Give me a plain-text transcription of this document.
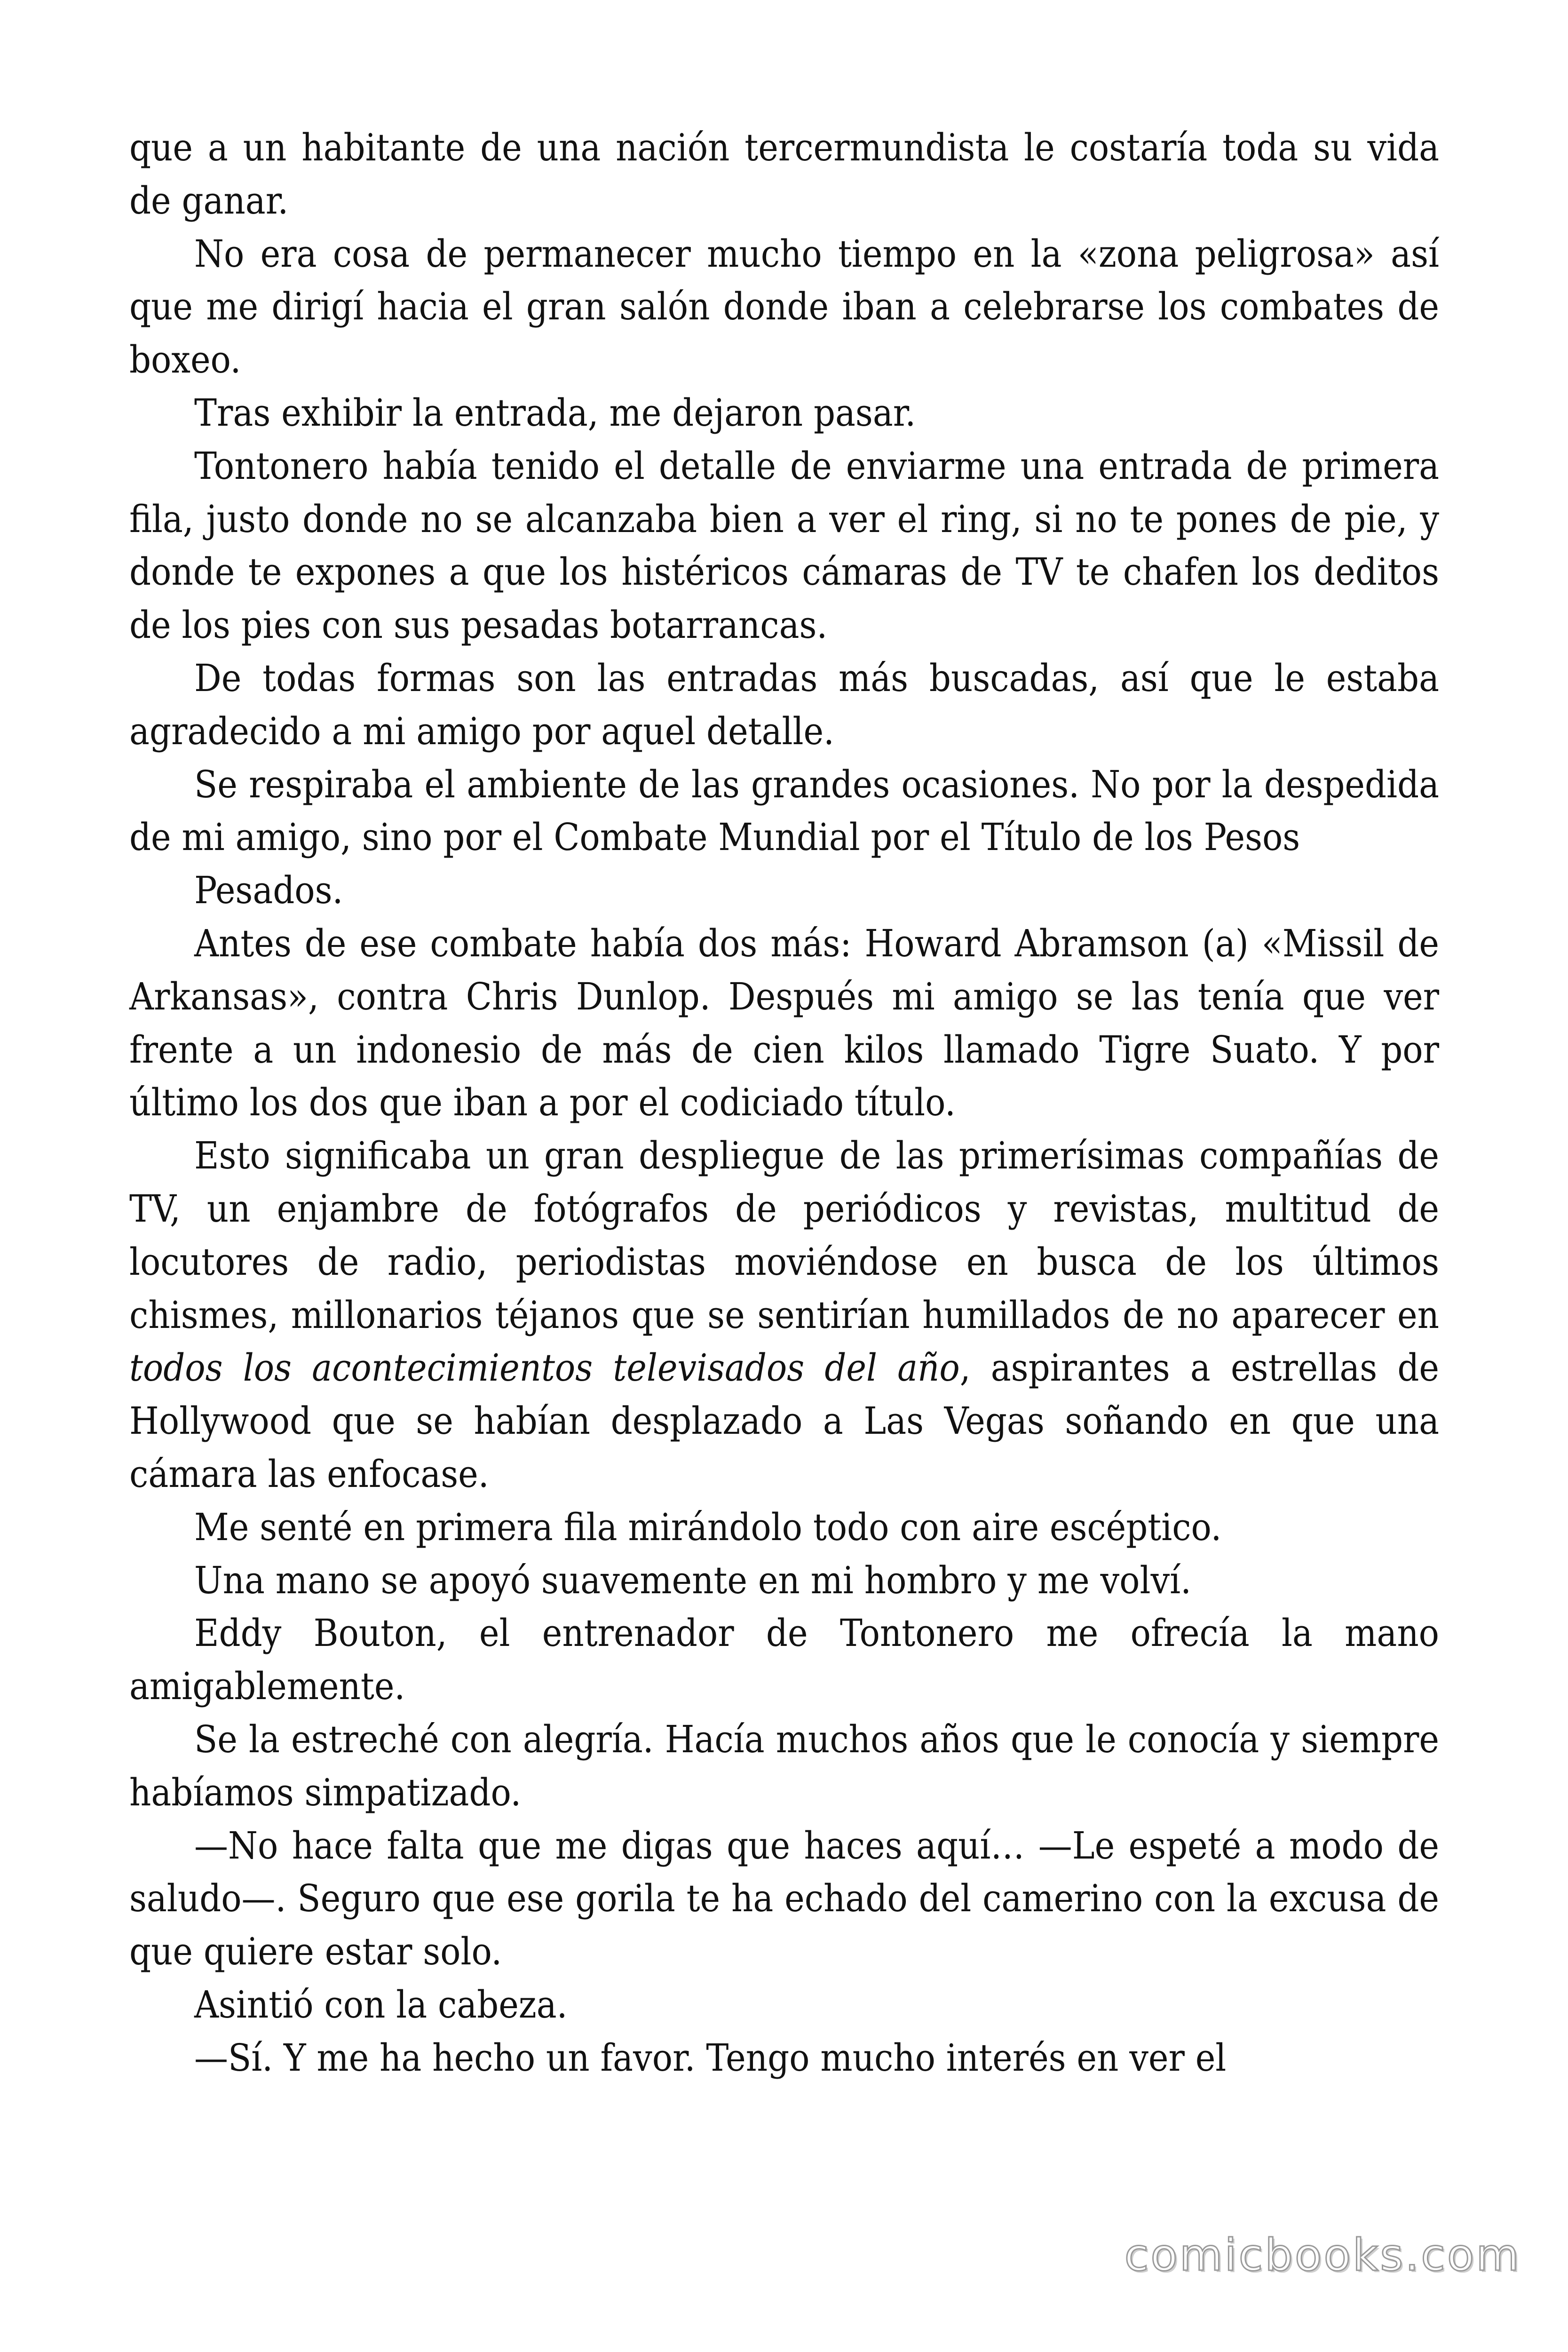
que a un habitante de una nación tercermundista le costaría toda su vida de ganar.

No era cosa de permanecer mucho tiempo en la «zona peligrosa» así que me dirigí hacia el gran salón donde iban a celebrarse los combates de boxeo.

Tras exhibir la entrada, me dejaron pasar.

Tontonero había tenido el detalle de enviarme una entrada de primera fila, justo donde no se alcanzaba bien a ver el ring, si no te pones de pie, y donde te expones a que los histéricos cámaras de TV te chafen los deditos de los pies con sus pesadas botarrancas.

De todas formas son las entradas más buscadas, así que le estaba agradecido a mi amigo por aquel detalle.

Se respiraba el ambiente de las grandes ocasiones. No por la despedida de mi amigo, sino por el Combate Mundial por el Título de los Pesos

Pesados.

Antes de ese combate había dos más: Howard Abramson (a) «Missil de Arkansas», contra Chris Dunlop. Después mi amigo se las tenía que ver frente a un indonesio de más de cien kilos llamado Tigre Suato. Y por último los dos que iban a por el codiciado título.

Esto significaba un gran despliegue de las primerísimas compañías de TV, un enjambre de fotógrafos de periódicos y revistas, multitud de locutores de radio, periodistas moviéndose en busca de los últimos chismes, millonarios téjanos que se sentirían humillados de no aparecer en todos los acontecimientos televisados del año, aspirantes a estrellas de Hollywood que se habían desplazado a Las Vegas soñando en que una cámara las enfocase.

Me senté en primera fila mirándolo todo con aire escéptico.

Una mano se apoyó suavemente en mi hombro y me volví.

Eddy Bouton, el entrenador de Tontonero me ofrecía la mano amigablemente.

Se la estreché con alegría. Hacía muchos años que le conocía y siempre habíamos simpatizado.

—No hace falta que me digas que haces aquí… —Le espeté a modo de saludo—. Seguro que ese gorila te ha echado del camerino con la excusa de que quiere estar solo.

Asintió con la cabeza.

—Sí. Y me ha hecho un favor. Tengo mucho interés en ver el

comicbooks.com
